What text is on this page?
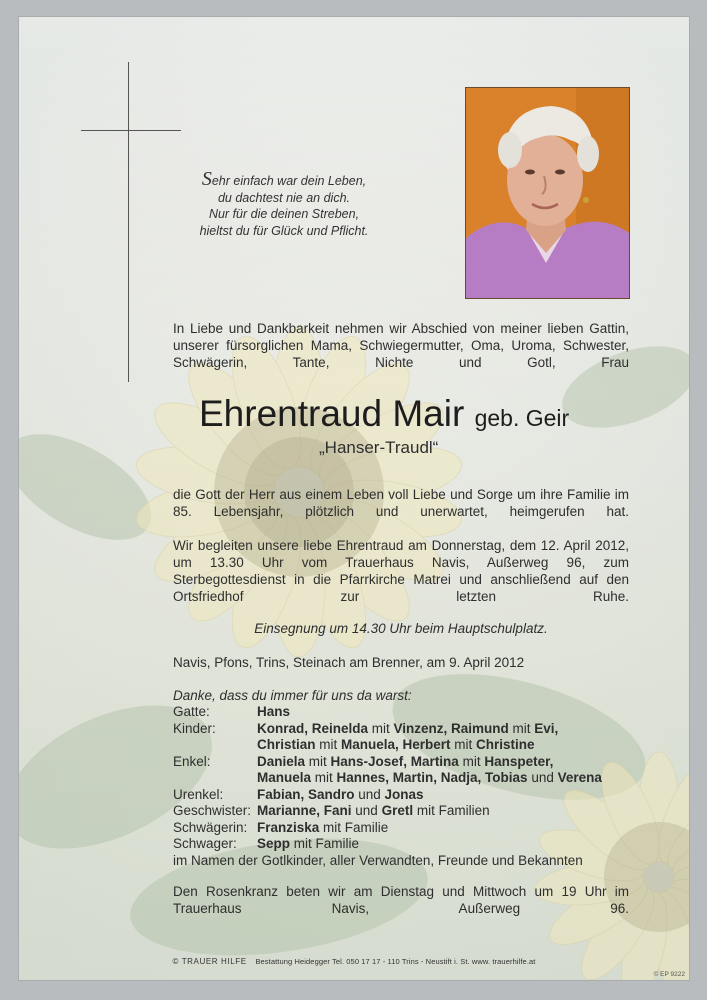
Sehr einfach war dein Leben,
du dachtest nie an dich.
Nur für die deinen Streben,
hieltst du für Glück und Pflicht.
In Liebe und Dankbarkeit nehmen wir Abschied von meiner lieben Gattin, unserer fürsorglichen Mama, Schwiegermutter, Oma, Uroma, Schwester, Schwägerin, Tante, Nichte und Gotl, Frau
Ehrentraud Mair geb. Geir
„Hanser-Traudl“
die Gott der Herr aus einem Leben voll Liebe und Sorge um ihre Familie im 85. Lebensjahr, plötzlich und unerwartet, heimgerufen hat.
Wir begleiten unsere liebe Ehrentraud am Donnerstag, dem 12. April 2012, um 13.30 Uhr vom Trauerhaus Navis, Außerweg 96, zum Sterbegottesdienst in die Pfarrkirche Matrei und anschließend auf den Ortsfriedhof zur letzten Ruhe.
Einsegnung um 14.30 Uhr beim Hauptschulplatz.
Navis, Pfons, Trins, Steinach am Brenner, am 9. April 2012
Danke, dass du immer für uns da warst:
Gatte:	Hans
Kinder:	Konrad, Reinelda mit Vinzenz, Raimund mit Evi,
Christian mit Manuela, Herbert mit Christine
Enkel:	Daniela mit Hans-Josef, Martina mit Hanspeter,
Manuela mit Hannes, Martin, Nadja, Tobias und Verena
Urenkel:	Fabian, Sandro und Jonas
Geschwister: Marianne, Fani und Gretl mit Familien
Schwägerin: Franziska mit Familie
Schwager:	Sepp mit Familie
im Namen der Gotlkinder, aller Verwandten, Freunde und Bekannten
Den Rosenkranz beten wir am Dienstag und Mittwoch um 19 Uhr im Trauerhaus Navis, Außerweg 96.
© TRAUER HILFE Bestattung Heidegger Tel. 050 17 17 - 110 Trins - Neustift i. St. www. trauerhilfe.at
© EP 9222
